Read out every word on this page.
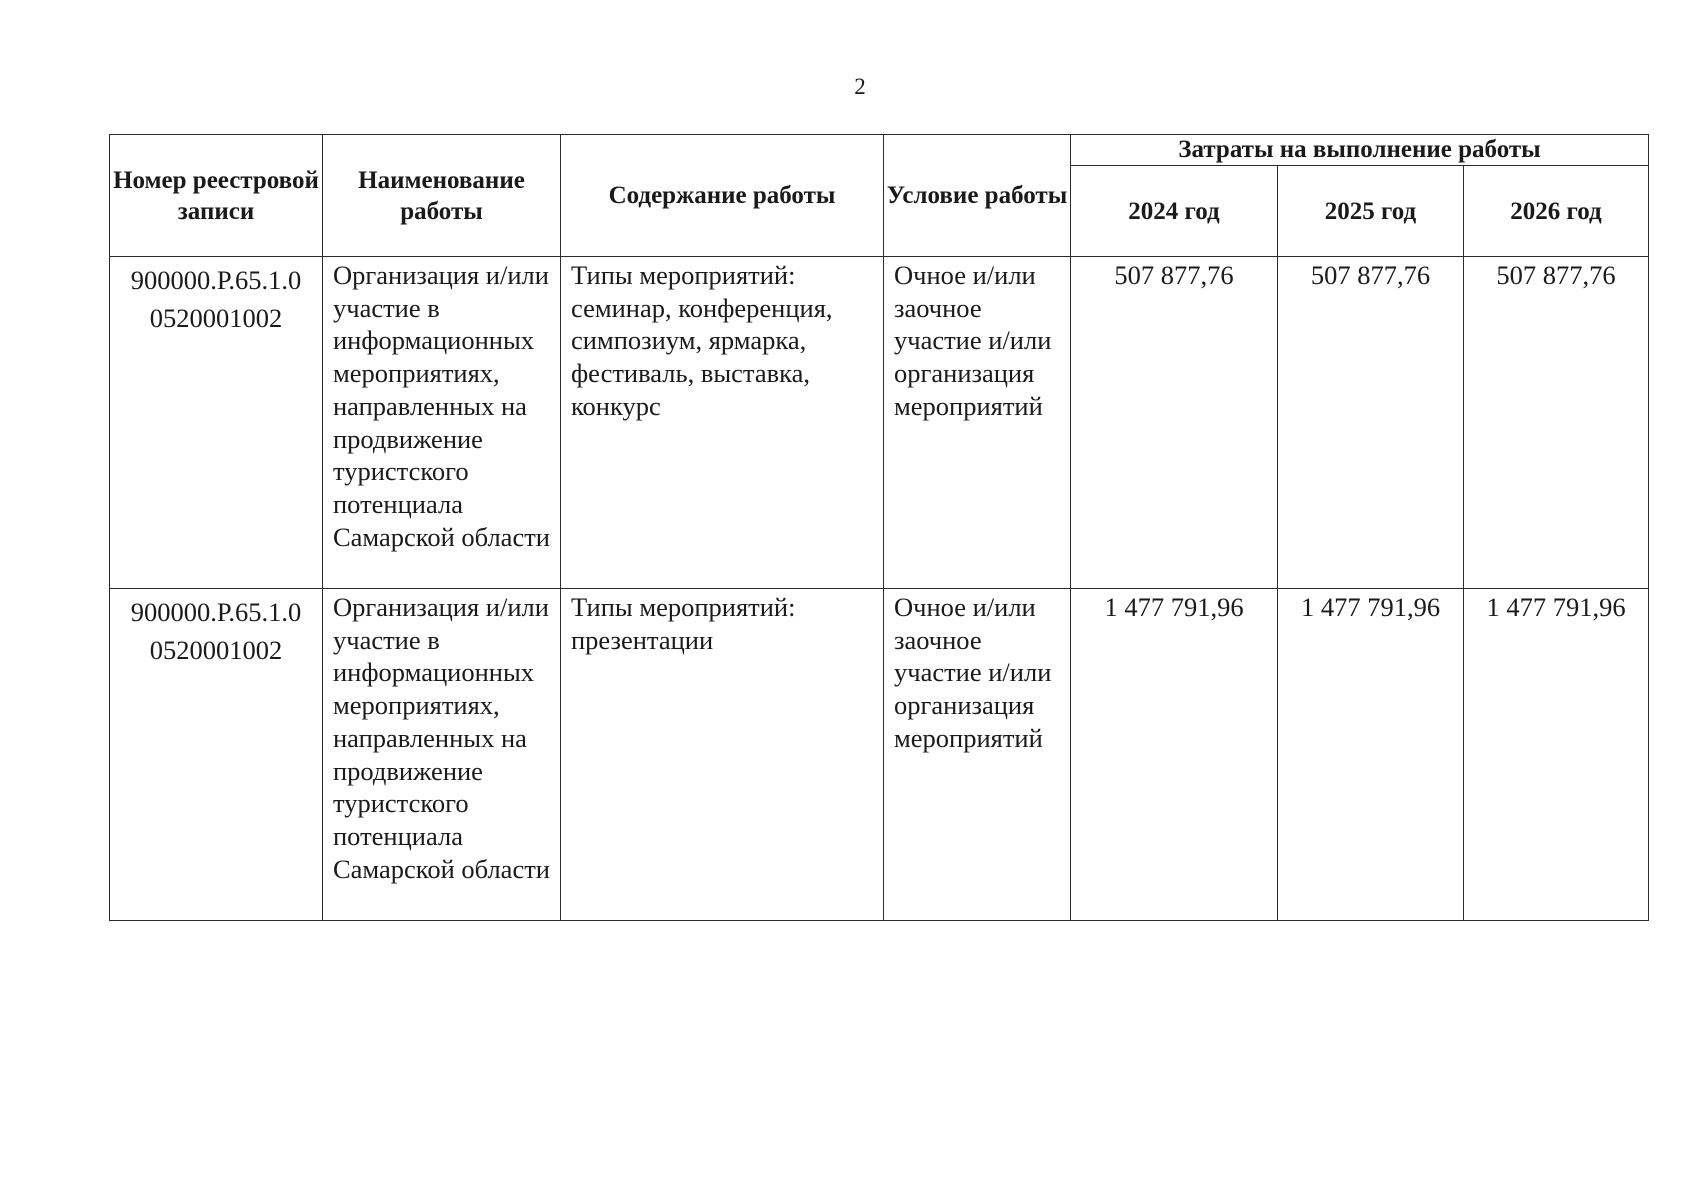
2
Номер реестровой записи	Наименование работы	Содержание работы	Условие работы	Затраты на выполнение работы		
				2024 год	2025 год	2026 год
900000.Р.65.1.0 0520001002	Организация и/или участие в информационных мероприятиях, направленных на продвижение туристского потенциала Самарской области	Типы мероприятий: семинар, конференция, симпозиум, ярмарка, фестиваль, выставка, конкурс	Очное и/или заочное участие и/или организация мероприятий	507 877,76	507 877,76	507 877,76
900000.Р.65.1.0 0520001002	Организация и/или участие в информационных мероприятиях, направленных на продвижение туристского потенциала Самарской области	Типы мероприятий: презентации	Очное и/или заочное участие и/или организация мероприятий	1 477 791,96	1 477 791,96	1 477 791,96
